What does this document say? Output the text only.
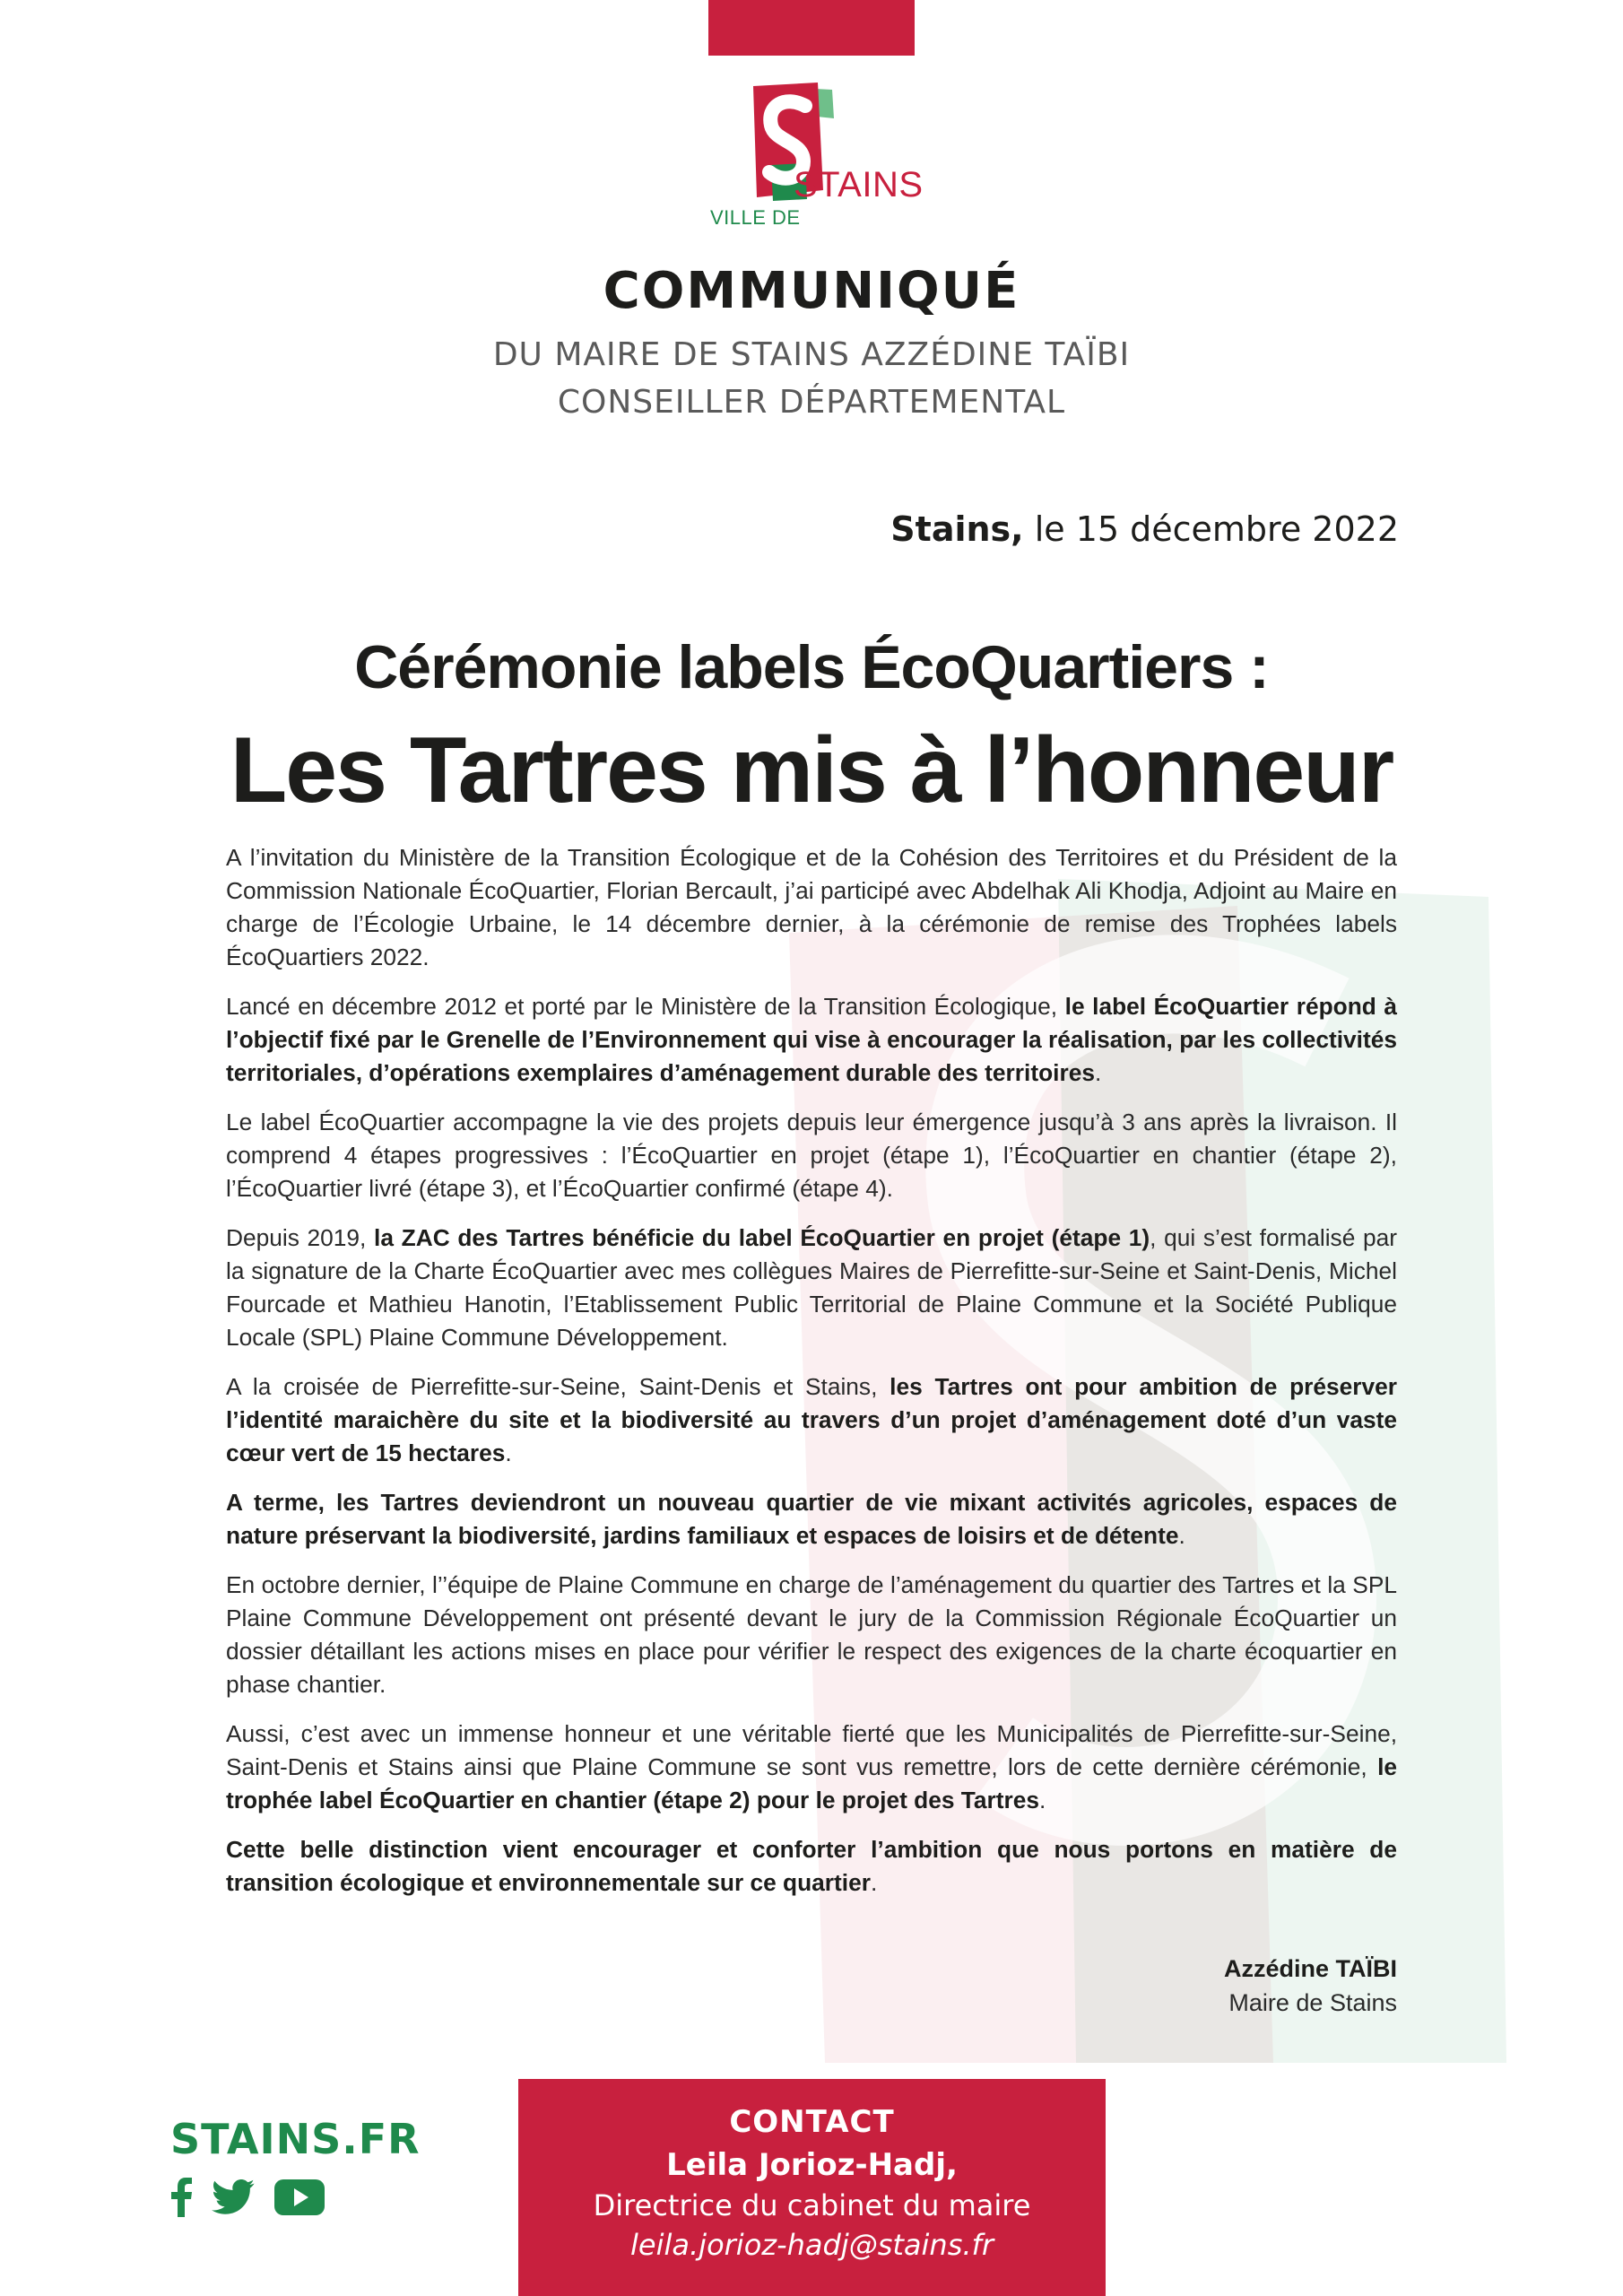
VILLE DE
STAINS
COMMUNIQUÉ
DU MAIRE DE STAINS AZZÉDINE TAÏBI
CONSEILLER DÉPARTEMENTAL
Stains, le 15 décembre 2022
Cérémonie labels ÉcoQuartiers :
Les Tartres mis à l’honneur

A l’invitation du Ministère de la Transition Écologique et de la Cohésion des Territoires et du Président de la Commission Nationale ÉcoQuartier, Florian Bercault, j’ai participé avec Abdelhak Ali Khodja, Adjoint au Maire en charge de l’Écologie Urbaine, le 14 décembre dernier, à la cérémonie de remise des Trophées labels ÉcoQuartiers 2022.

Lancé en décembre 2012 et porté par le Ministère de la Transition Écologique, le label ÉcoQuartier répond à l’objectif fixé par le Grenelle de l’Environnement qui vise à encourager la réalisation, par les collectivités territoriales, d’opérations exemplaires d’aménagement durable des territoires.

Le label ÉcoQuartier accompagne la vie des projets depuis leur émergence jusqu’à 3 ans après la livraison. Il comprend 4 étapes progressives : l’ÉcoQuartier en projet (étape 1), l’ÉcoQuartier en chantier (étape 2), l’ÉcoQuartier livré (étape 3), et l’ÉcoQuartier confirmé (étape 4).

Depuis 2019, la ZAC des Tartres bénéficie du label ÉcoQuartier en projet (étape 1), qui s’est formalisé par la signature de la Charte ÉcoQuartier avec mes collègues Maires de Pierrefitte-sur-Seine et Saint-Denis, Michel Fourcade et Mathieu Hanotin, l’Etablissement Public Territorial de Plaine Commune et la Société Publique Locale (SPL) Plaine Commune Développement.

A la croisée de Pierrefitte-sur-Seine, Saint-Denis et Stains, les Tartres ont pour ambition de préserver l’identité maraichère du site et la biodiversité au travers d’un projet d’aménagement doté d’un vaste cœur vert de 15 hectares.

A terme, les Tartres deviendront un nouveau quartier de vie mixant activités agricoles, espaces de nature préservant la biodiversité, jardins familiaux et espaces de loisirs et de détente.

En octobre dernier, l’’équipe de Plaine Commune en charge de l’aménagement du quartier des Tartres et la SPL Plaine Commune Développement ont présenté devant le jury de la Commission Régionale ÉcoQuartier un dossier détaillant les actions mises en place pour vérifier le respect des exigences de la charte écoquartier en phase chantier.

Aussi, c’est avec un immense honneur et une véritable fierté que les Municipalités de Pierrefitte-sur-Seine, Saint-Denis et Stains ainsi que Plaine Commune se sont vus remettre, lors de cette dernière cérémonie, le trophée label ÉcoQuartier en chantier (étape 2) pour le projet des Tartres.

Cette belle distinction vient encourager et conforter l’ambition que nous portons en matière de transition écologique et environnementale sur ce quartier.

Azzédine TAÏBI
Maire de Stains
STAINS.FR	CONTACT
Leila Jorioz-Hadj,
Directrice du cabinet du maire
leila.jorioz-hadj@stains.fr
